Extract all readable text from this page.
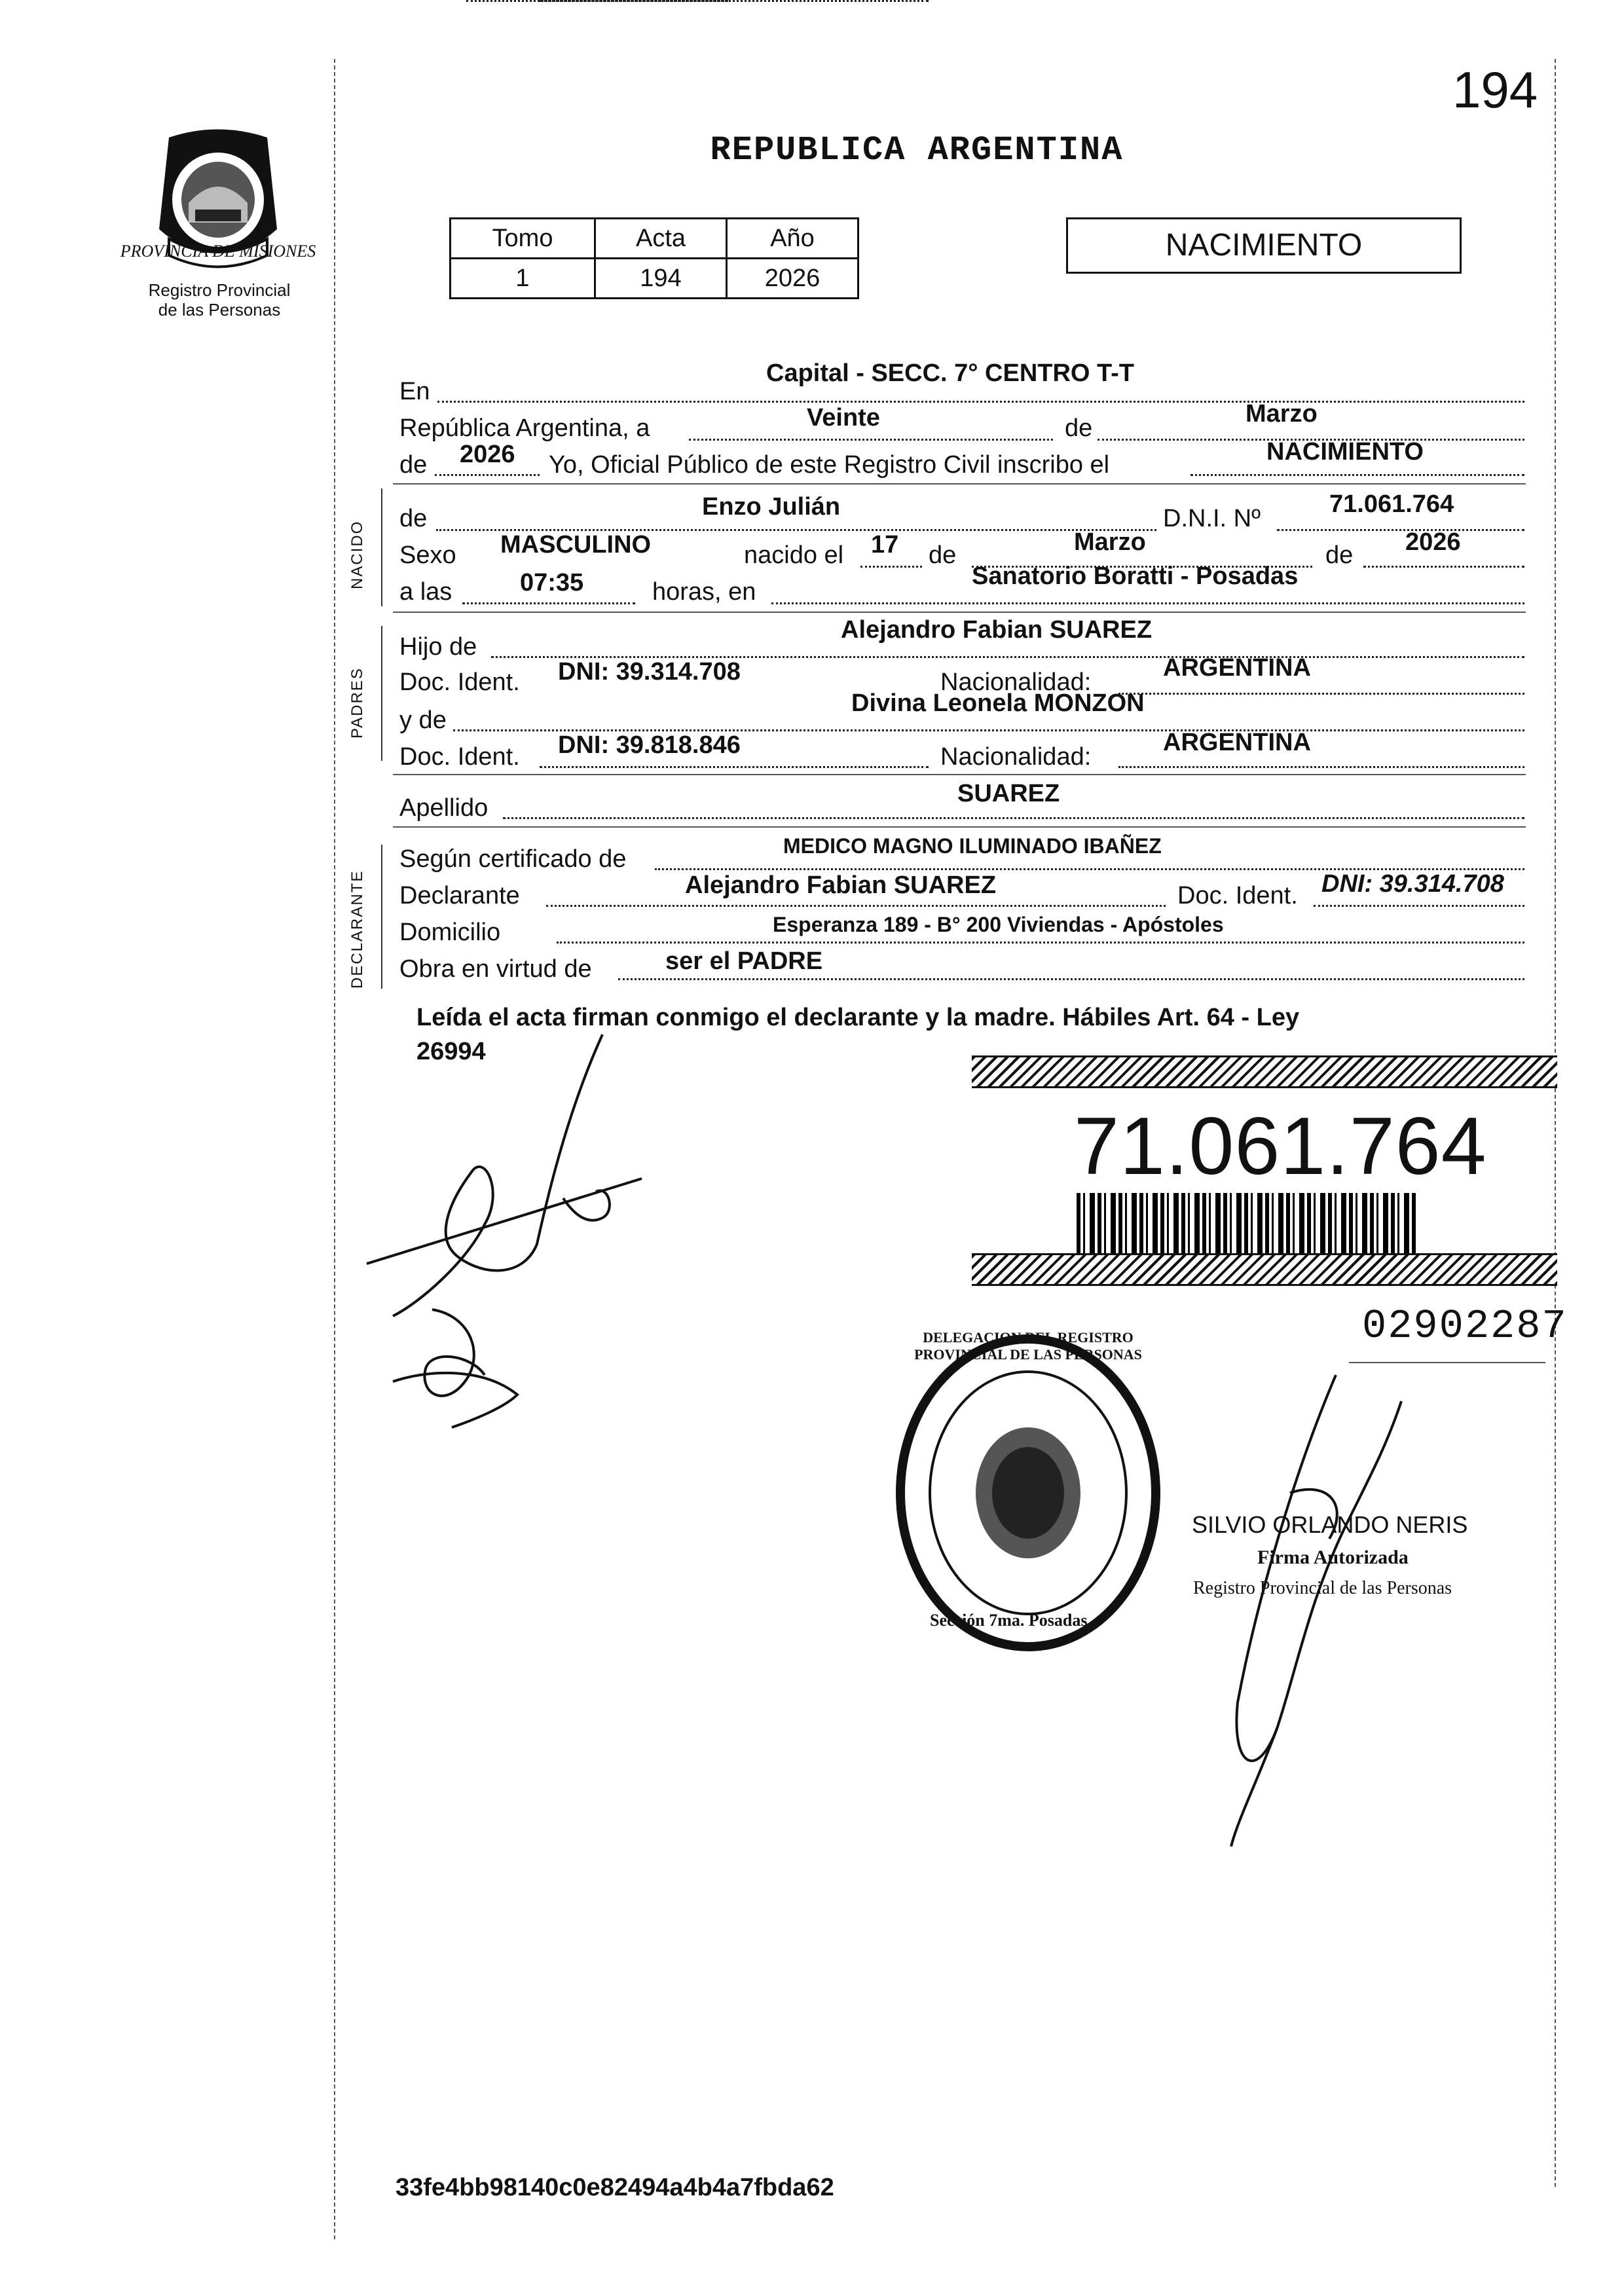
PROVINCIA DE MISIONES
Registro Provincial
de las Personas
194
REPUBLICA ARGENTINA
Tomo	Acta	Año
1	194	2026
NACIMIENTO
En
Capital - SECC. 7° CENTRO T-T
República Argentina, a	Veinte	de
Marzo
de 2026 Yo, Oficial Público de este Registro Civil inscribo el	NACIMIENTO
NACIDO
de	Enzo Julián	D.N.I. Nº
71.061.764
Sexo MASCULINO	nacido el 17 de	Marzo	de 2026
a las	07:35	horas, en
Sanatorio Boratti - Posadas
PADRES
Hijo de
Alejandro Fabian SUAREZ
Doc. Ident. DNI: 39.314.708	Nacionalidad:
ARGENTINA
y de
Divina Leonela MONZON
Doc. Ident. DNI: 39.818.846	Nacionalidad:
ARGENTINA
Apellido
SUAREZ
DECLARANTE
Según certificado de	MEDICO MAGNO ILUMINADO IBAÑEZ
Declarante	Alejandro Fabian SUAREZ	Doc. Ident. DNI: 39.314.708
Domicilio	Esperanza 189 - B° 200 Viviendas - Apóstoles
Obra en virtud de	ser el PADRE
Leída el acta firman conmigo el declarante y la madre. Hábiles Art. 64 - Ley
26994
71.061.764
02902287
DELEGACION DEL REGISTRO PROVINCIAL DE LAS PERSONAS
Sección 7ma. Posadas
SILVIO ORLANDO NERIS
Firma Autorizada
Registro Provincial de las Personas
33fe4bb98140c0e82494a4b4a7fbda62
